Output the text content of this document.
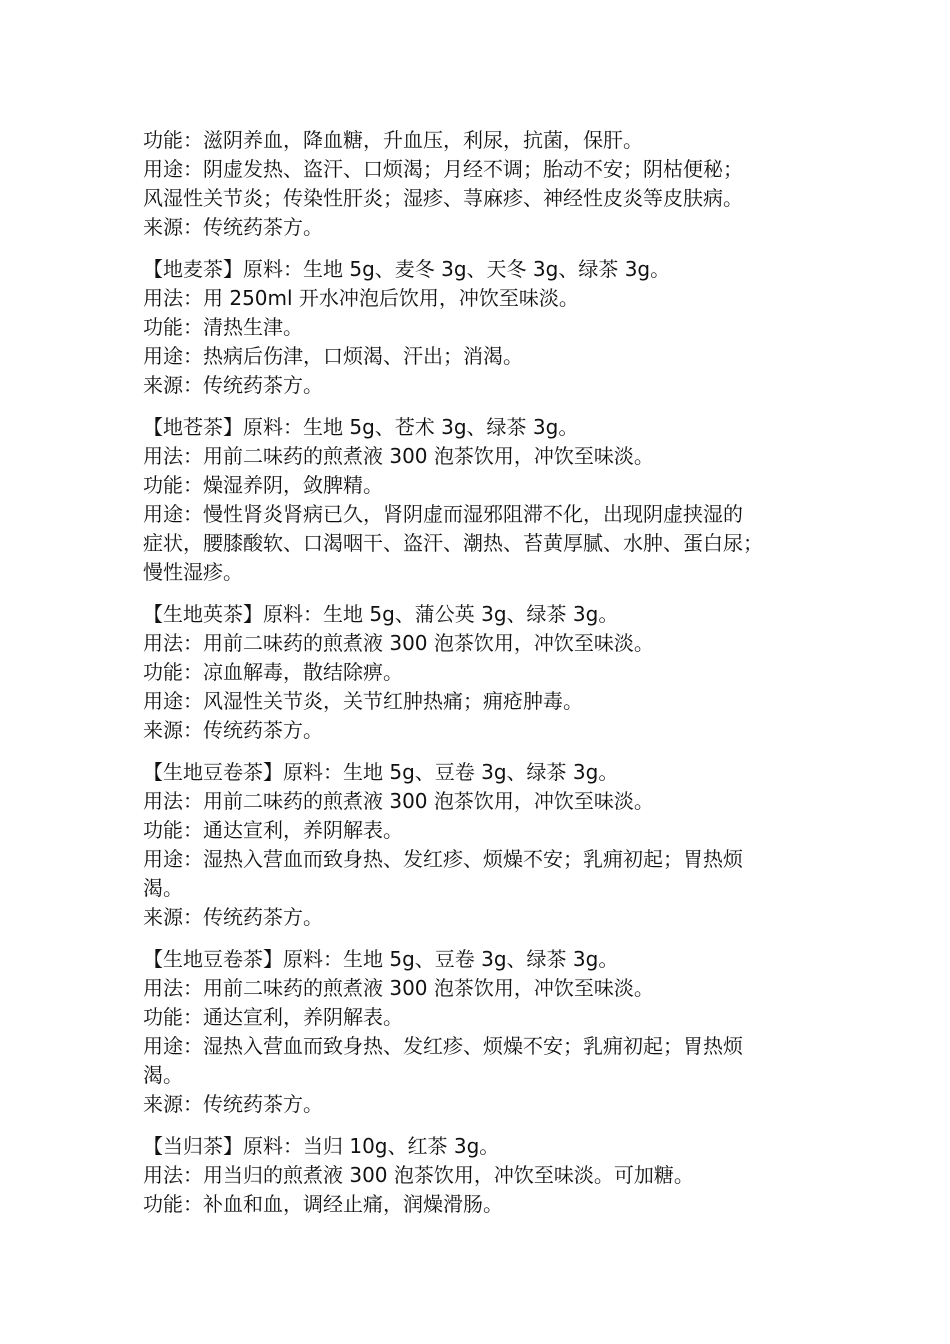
功能：滋阴养血，降血糖，升血压，利尿，抗菌，保肝。

用途：阴虚发热、盗汗、口烦渴；月经不调；胎动不安；阴枯便秘；

风湿性关节炎；传染性肝炎；湿疹、荨麻疹、神经性皮炎等皮肤病。

来源：传统药茶方。

【地麦茶】原料：生地 5g、麦冬 3g、天冬 3g、绿茶 3g。

用法：用 250ml 开水冲泡后饮用，冲饮至味淡。

功能：清热生津。

用途：热病后伤津，口烦渴、汗出；消渴。

来源：传统药茶方。

【地苍茶】原料：生地 5g、苍术 3g、绿茶 3g。

用法：用前二味药的煎煮液 300 泡茶饮用，冲饮至味淡。

功能：燥湿养阴，敛脾精。

用途：慢性肾炎肾病已久，肾阴虚而湿邪阻滞不化，出现阴虚挟湿的

症状，腰膝酸软、口渴咽干、盗汗、潮热、苔黄厚腻、水肿、蛋白尿；

慢性湿疹。

【生地英茶】原料：生地 5g、蒲公英 3g、绿茶 3g。

用法：用前二味药的煎煮液 300 泡茶饮用，冲饮至味淡。

功能：凉血解毒，散结除痹。

用途：风湿性关节炎，关节红肿热痛；痈疮肿毒。

来源：传统药茶方。

【生地豆卷茶】原料：生地 5g、豆卷 3g、绿茶 3g。

用法：用前二味药的煎煮液 300 泡茶饮用，冲饮至味淡。

功能：通达宣利，养阴解表。

用途：湿热入营血而致身热、发红疹、烦燥不安；乳痈初起；胃热烦

渴。

来源：传统药茶方。

【生地豆卷茶】原料：生地 5g、豆卷 3g、绿茶 3g。

用法：用前二味药的煎煮液 300 泡茶饮用，冲饮至味淡。

功能：通达宣利，养阴解表。

用途：湿热入营血而致身热、发红疹、烦燥不安；乳痈初起；胃热烦

渴。

来源：传统药茶方。

【当归茶】原料：当归 10g、红茶 3g。

用法：用当归的煎煮液 300 泡茶饮用，冲饮至味淡。可加糖。

功能：补血和血，调经止痛，润燥滑肠。
